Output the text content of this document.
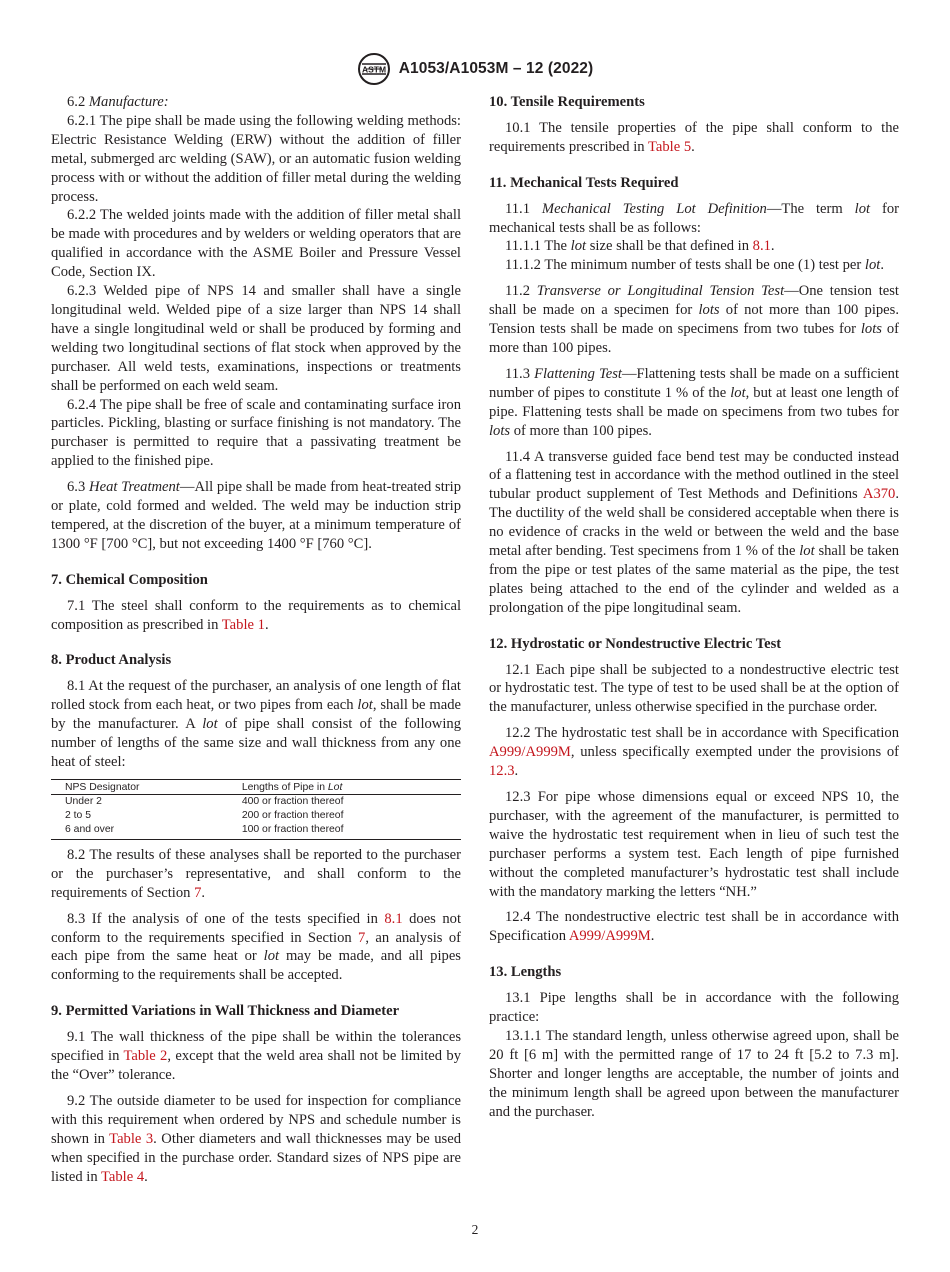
ASTM A1053/A1053M – 12 (2022)

6.2 Manufacture:

6.2.1 The pipe shall be made using the following welding methods: Electric Resistance Welding (ERW) without the addition of filler metal, submerged arc welding (SAW), or an automatic fusion welding process with or without the addition of filler metal during the welding process.

6.2.2 The welded joints made with the addition of filler metal shall be made with procedures and by welders or welding operators that are qualified in accordance with the ASME Boiler and Pressure Vessel Code, Section IX.

6.2.3 Welded pipe of NPS 14 and smaller shall have a single longitudinal weld. Welded pipe of a size larger than NPS 14 shall have a single longitudinal weld or shall be produced by forming and welding two longitudinal sections of flat stock when approved by the purchaser. All weld tests, examinations, inspections or treatments shall be performed on each weld seam.

6.2.4 The pipe shall be free of scale and contaminating surface iron particles. Pickling, blasting or surface finishing is not mandatory. The purchaser is permitted to require that a passivating treatment be applied to the finished pipe.

6.3 Heat Treatment—All pipe shall be made from heat-treated strip or plate, cold formed and welded. The weld may be induction strip tempered, at the discretion of the buyer, at a minimum temperature of 1300 °F [700 °C], but not exceeding 1400 °F [760 °C].

7. Chemical Composition

7.1 The steel shall conform to the requirements as to chemical composition as prescribed in Table 1.

8. Product Analysis

8.1 At the request of the purchaser, an analysis of one length of flat rolled stock from each heat, or two pipes from each lot, shall be made by the manufacturer. A lot of pipe shall consist of the following number of lengths of the same size and wall thickness from any one heat of steel:

NPS Designator	Lengths of Pipe in Lot
Under 2	400 or fraction thereof
2 to 5	200 or fraction thereof
6 and over	100 or fraction thereof

8.2 The results of these analyses shall be reported to the purchaser or the purchaser’s representative, and shall conform to the requirements of Section 7.

8.3 If the analysis of one of the tests specified in 8.1 does not conform to the requirements specified in Section 7, an analysis of each pipe from the same heat or lot may be made, and all pipes conforming to the requirements shall be accepted.

9. Permitted Variations in Wall Thickness and Diameter

9.1 The wall thickness of the pipe shall be within the tolerances specified in Table 2, except that the weld area shall not be limited by the “Over” tolerance.

9.2 The outside diameter to be used for inspection for compliance with this requirement when ordered by NPS and schedule number is shown in Table 3. Other diameters and wall thicknesses may be used when specified in the purchase order. Standard sizes of NPS pipe are listed in Table 4.

10. Tensile Requirements

10.1 The tensile properties of the pipe shall conform to the requirements prescribed in Table 5.

11. Mechanical Tests Required

11.1 Mechanical Testing Lot Definition—The term lot for mechanical tests shall be as follows:

11.1.1 The lot size shall be that defined in 8.1.

11.1.2 The minimum number of tests shall be one (1) test per lot.

11.2 Transverse or Longitudinal Tension Test—One tension test shall be made on a specimen for lots of not more than 100 pipes. Tension tests shall be made on specimens from two tubes for lots of more than 100 pipes.

11.3 Flattening Test—Flattening tests shall be made on a sufficient number of pipes to constitute 1 % of the lot, but at least one length of pipe. Flattening tests shall be made on specimens from two tubes for lots of more than 100 pipes.

11.4 A transverse guided face bend test may be conducted instead of a flattening test in accordance with the method outlined in the steel tubular product supplement of Test Methods and Definitions A370. The ductility of the weld shall be considered acceptable when there is no evidence of cracks in the weld or between the weld and the base metal after bending. Test specimens from 1 % of the lot shall be taken from the pipe or test plates of the same material as the pipe, the test plates being attached to the end of the cylinder and welded as a prolongation of the pipe longitudinal seam.

12. Hydrostatic or Nondestructive Electric Test

12.1 Each pipe shall be subjected to a nondestructive electric test or hydrostatic test. The type of test to be used shall be at the option of the manufacturer, unless otherwise specified in the purchase order.

12.2 The hydrostatic test shall be in accordance with Specification A999/A999M, unless specifically exempted under the provisions of 12.3.

12.3 For pipe whose dimensions equal or exceed NPS 10, the purchaser, with the agreement of the manufacturer, is permitted to waive the hydrostatic test requirement when in lieu of such test the purchaser performs a system test. Each length of pipe furnished without the completed manufacturer’s hydrostatic test shall include with the mandatory marking the letters “NH.”

12.4 The nondestructive electric test shall be in accordance with Specification A999/A999M.

13. Lengths

13.1 Pipe lengths shall be in accordance with the following practice:

13.1.1 The standard length, unless otherwise agreed upon, shall be 20 ft [6 m] with the permitted range of 17 to 24 ft [5.2 to 7.3 m]. Shorter and longer lengths are acceptable, the number of joints and the minimum length shall be agreed upon between the manufacturer and the purchaser.

2
